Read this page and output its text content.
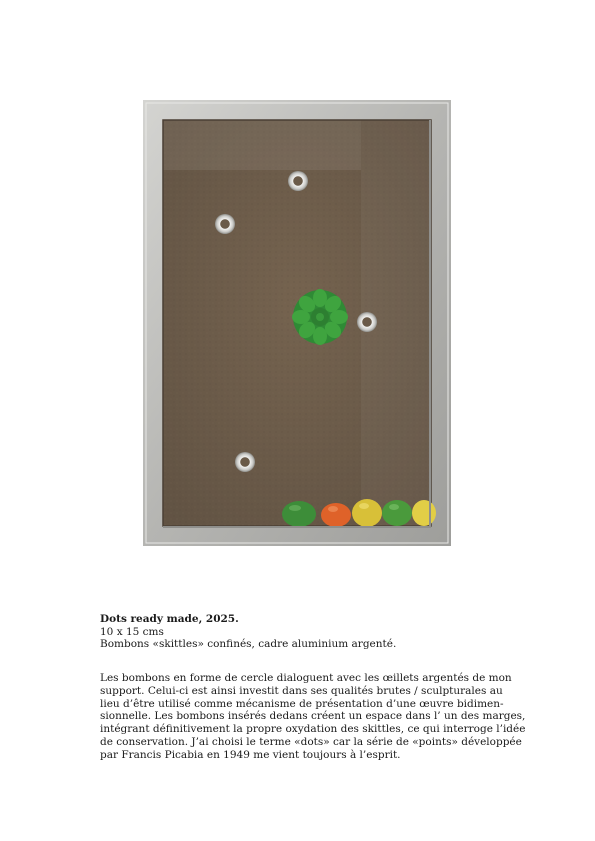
Dots ready made, 2025.
10 x 15 cms
Bombons «skittles» confinés, cadre aluminium argenté.
Les bombons en forme de cercle dialoguent avec les œillets argentés de mon
support. Celui-ci est ainsi investit dans ses qualités brutes / sculpturales au
lieu d’être utilisé comme mécanisme de présentation d’une œuvre bidimen-
sionnelle. Les bombons insérés dedans créent un espace dans l’ un des marges,
intégrant définitivement la propre oxydation des skittles, ce qui interroge l’idée
de conservation. J’ai choisi le terme «dots» car la série de «points» développée
par Francis Picabia en 1949 me vient toujours à l’esprit.
